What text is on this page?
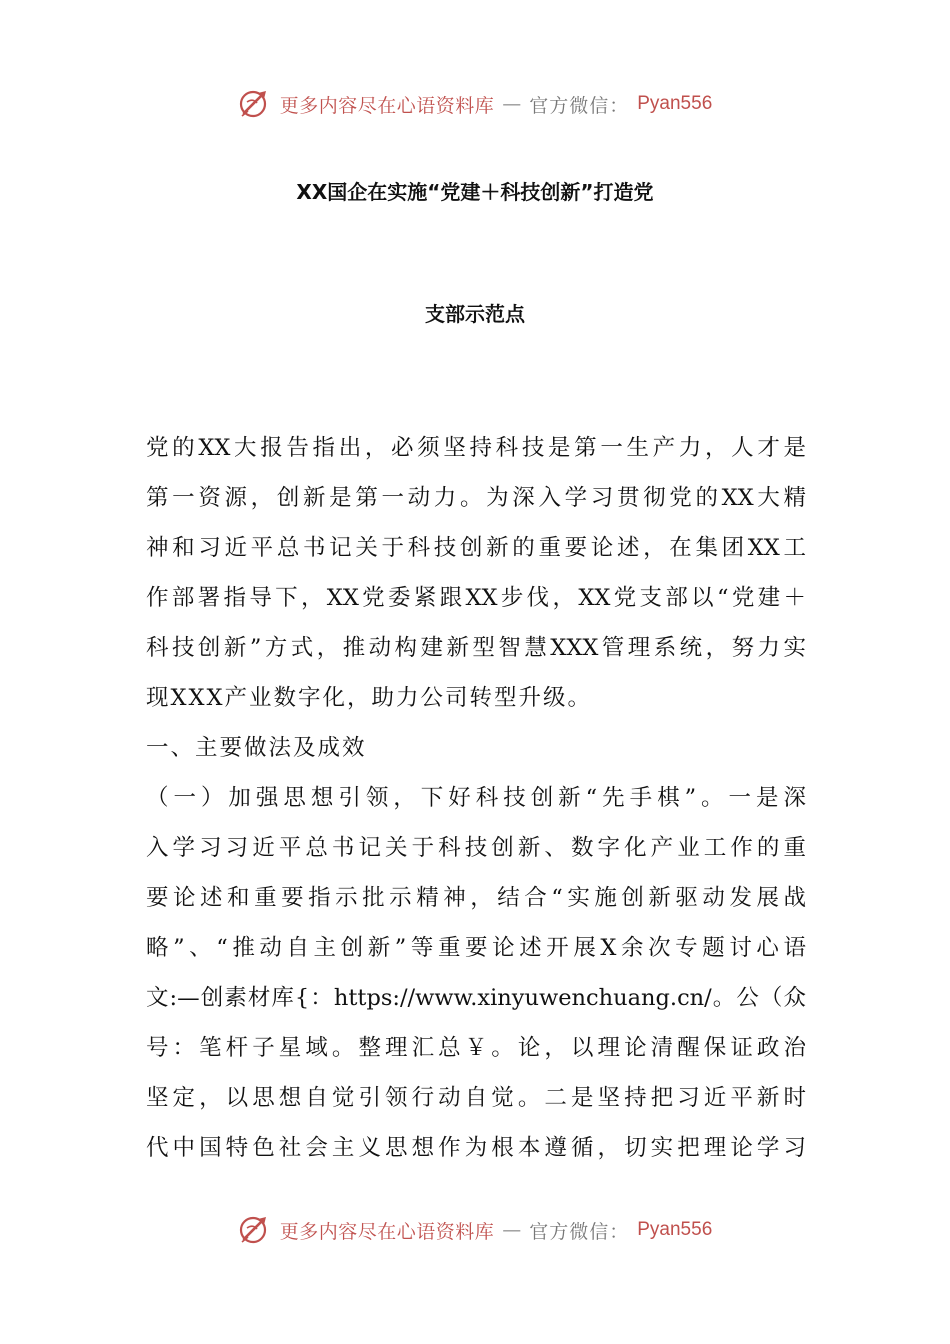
更多内容尽在心语资料库 — 官方微信： Pyan556
XX国企在实施“党建＋科技创新”打造党
支部示范点
党的XX大报告指出，必须坚持科技是第一生产力，人才是
第一资源，创新是第一动力。为深入学习贯彻党的XX大精
神和习近平总书记关于科技创新的重要论述，在集团XX工
作部署指导下，XX党委紧跟XX步伐，XX党支部以“党建＋
科技创新”方式，推动构建新型智慧XXX管理系统，努力实
现XXX产业数字化，助力公司转型升级。
一、主要做法及成效
（一）加强思想引领，下好科技创新“先手棋”。一是深
入学习习近平总书记关于科技创新、数字化产业工作的重
要论述和重要指示批示精神，结合“实施创新驱动发展战
略”、“推动自主创新”等重要论述开展X余次专题讨心语
文:—创素材库{：https://www.xinyuwenchuang.cn/。公（众
号：笔杆子星域。整理汇总￥。论，以理论清醒保证政治
坚定，以思想自觉引领行动自觉。二是坚持把习近平新时
代中国特色社会主义思想作为根本遵循，切实把理论学习
更多内容尽在心语资料库 — 官方微信： Pyan556
